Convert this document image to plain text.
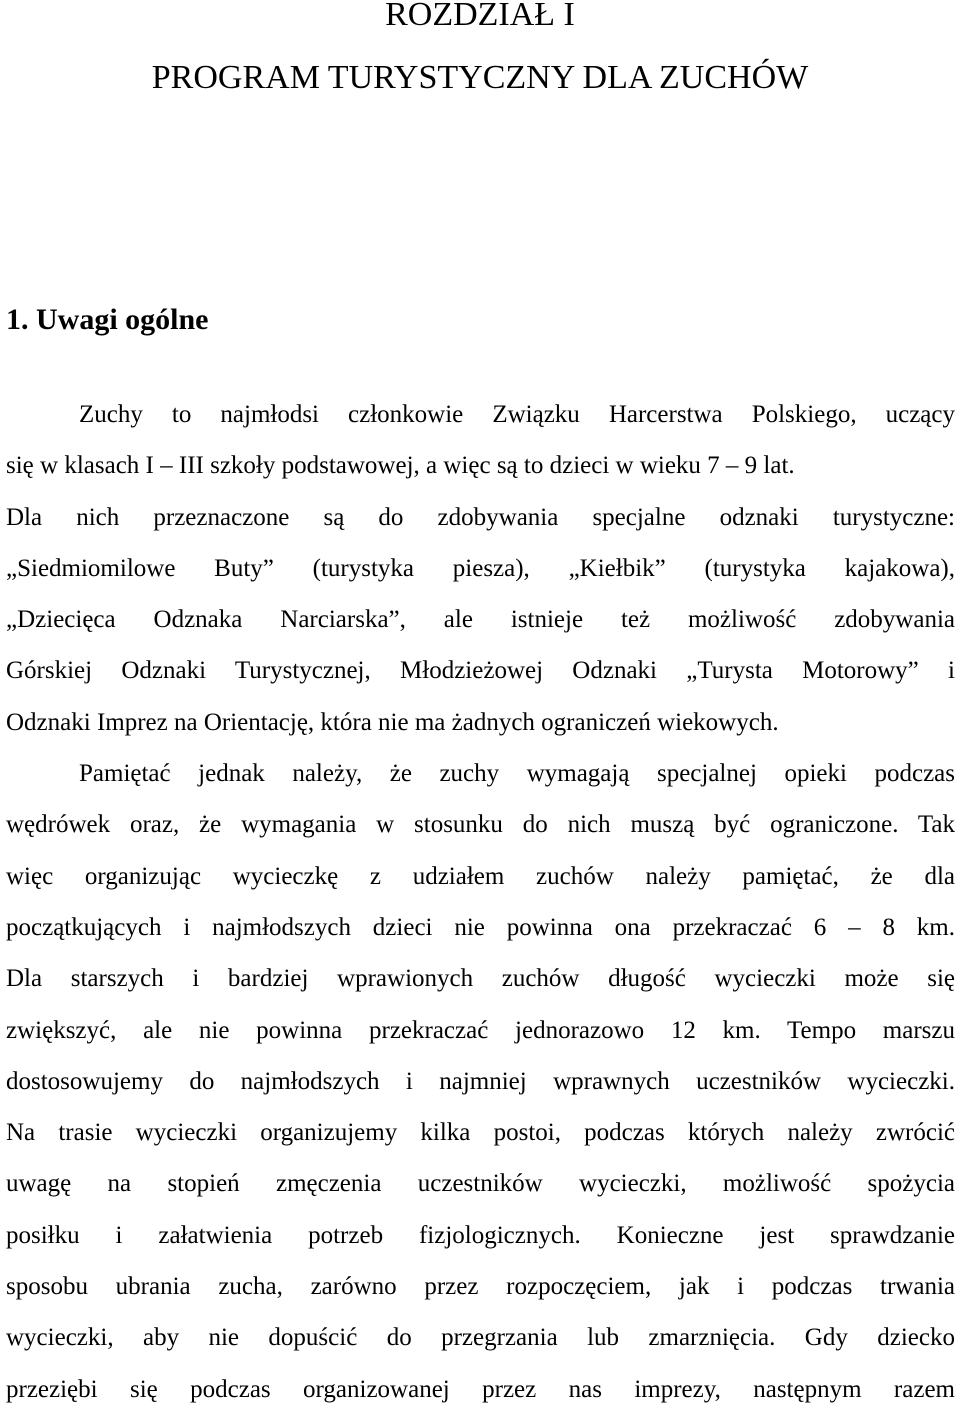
ROZDZIAŁ I
PROGRAM TURYSTYCZNY DLA ZUCHÓW
1. Uwagi ogólne
Zuchy to najmłodsi członkowie Związku Harcerstwa Polskiego, uczący
się w klasach I – III szkoły podstawowej, a więc są to dzieci w wieku 7 – 9 lat.
Dla nich przeznaczone są do zdobywania specjalne odznaki turystyczne:
„Siedmiomilowe Buty” (turystyka piesza), „Kiełbik” (turystyka kajakowa),
„Dziecięca Odznaka Narciarska”, ale istnieje też możliwość zdobywania
Górskiej Odznaki Turystycznej, Młodzieżowej Odznaki „Turysta Motorowy” i
Odznaki Imprez na Orientację, która nie ma żadnych ograniczeń wiekowych.
Pamiętać jednak należy, że zuchy wymagają specjalnej opieki podczas
wędrówek oraz, że wymagania w stosunku do nich muszą być ograniczone. Tak
więc organizując wycieczkę z udziałem zuchów należy pamiętać, że dla
początkujących i najmłodszych dzieci nie powinna ona przekraczać 6 – 8 km.
Dla starszych i bardziej wprawionych zuchów długość wycieczki może się
zwiększyć, ale nie powinna przekraczać jednorazowo 12 km. Tempo marszu
dostosowujemy do najmłodszych i najmniej wprawnych uczestników wycieczki.
Na trasie wycieczki organizujemy kilka postoi, podczas których należy zwrócić
uwagę na stopień zmęczenia uczestników wycieczki, możliwość spożycia
posiłku i załatwienia potrzeb fizjologicznych. Konieczne jest sprawdzanie
sposobu ubrania zucha, zarówno przez rozpoczęciem, jak i podczas trwania
wycieczki, aby nie dopuścić do przegrzania lub zmarznięcia. Gdy dziecko
przeziębi się podczas organizowanej przez nas imprezy, następnym razem
